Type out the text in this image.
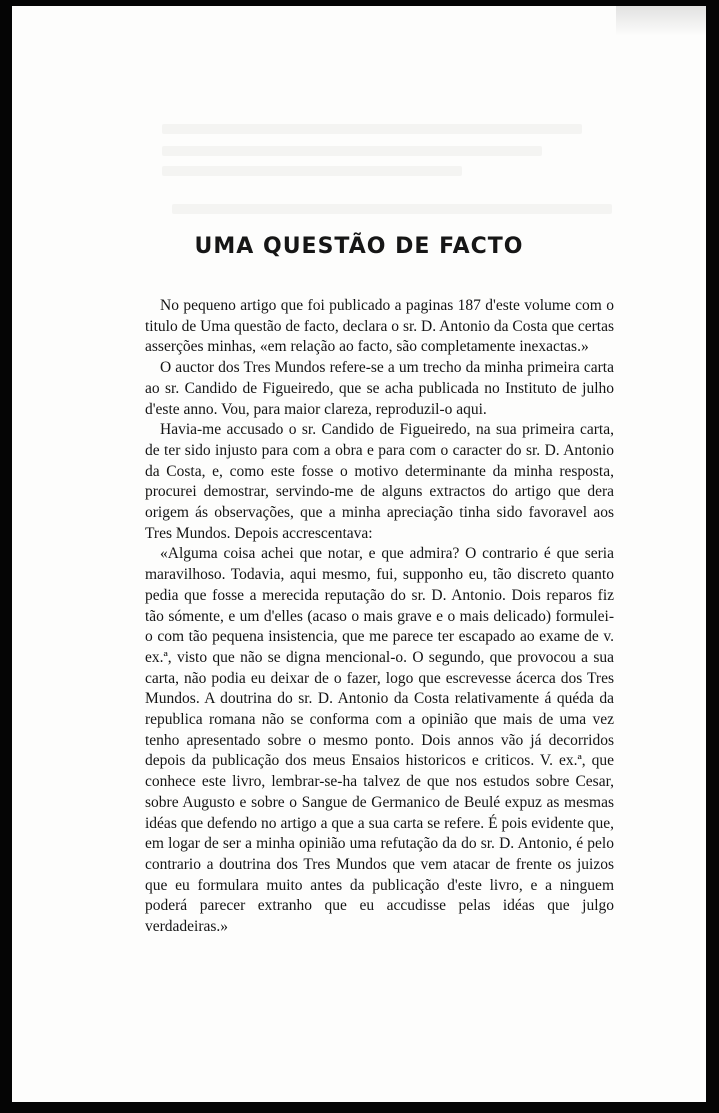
UMA QUESTÃO DE FACTO

No pequeno artigo que foi publicado a paginas 187 d'este volume com o titulo de Uma questão de facto, declara o sr. D. Antonio da Costa que certas asserções minhas, «em relação ao facto, são completamente inexactas.»

O auctor dos Tres Mundos refere-se a um trecho da minha primeira carta ao sr. Candido de Figueiredo, que se acha publicada no Instituto de julho d'este anno. Vou, para maior clareza, reproduzil-o aqui.

Havia-me accusado o sr. Candido de Figueiredo, na sua primeira carta, de ter sido injusto para com a obra e para com o caracter do sr. D. Antonio da Costa, e, como este fosse o motivo determinante da minha resposta, procurei demostrar, servindo-me de alguns extractos do artigo que dera origem ás observações, que a minha apreciação tinha sido favoravel aos Tres Mundos. Depois accrescentava:

«Alguma coisa achei que notar, e que admira? O contrario é que seria maravilhoso. Todavia, aqui mesmo, fui, supponho eu, tão discreto quanto pedia que fosse a merecida reputação do sr. D. Antonio. Dois reparos fiz tão sómente, e um d'elles (acaso o mais grave e o mais delicado) formulei-o com tão pequena insistencia, que me parece ter escapado ao exame de v. ex.ª, visto que não se digna mencional-o. O segundo, que provocou a sua carta, não podia eu deixar de o fazer, logo que escrevesse ácerca dos Tres Mundos. A doutrina do sr. D. Antonio da Costa relativamente á quéda da republica romana não se conforma com a opinião que mais de uma vez tenho apresentado sobre o mesmo ponto. Dois annos vão já decorridos depois da publicação dos meus Ensaios historicos e criticos. V. ex.ª, que conhece este livro, lembrar-se-ha talvez de que nos estudos sobre Cesar, sobre Augusto e sobre o Sangue de Germanico de Beulé expuz as mesmas idéas que defendo no artigo a que a sua carta se refere. É pois evidente que, em logar de ser a minha opinião uma refutação da do sr. D. Antonio, é pelo contrario a doutrina dos Tres Mundos que vem atacar de frente os juizos que eu formulara muito antes da publicação d'este livro, e a ninguem poderá parecer extranho que eu accudisse pelas idéas que julgo verdadeiras.»
